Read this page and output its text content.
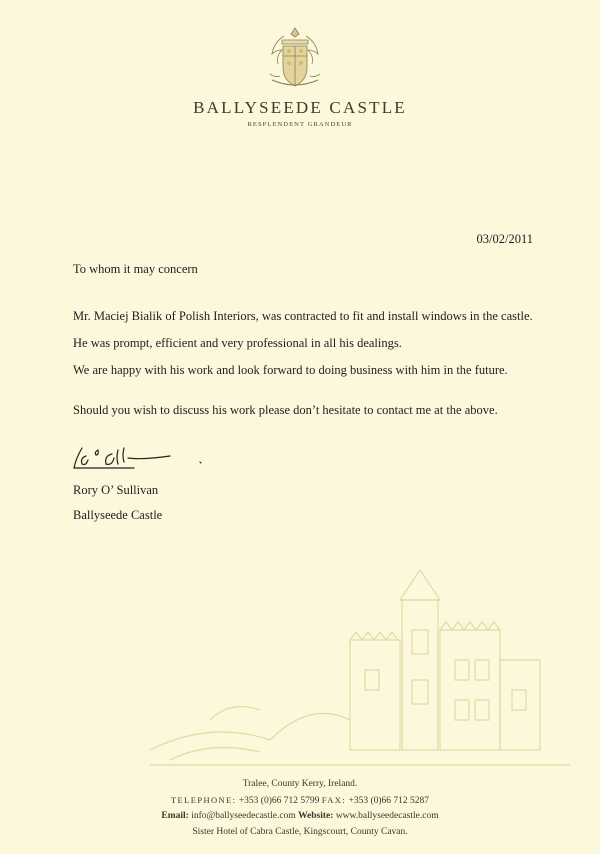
BALLYSEEDE CASTLE
RESPLENDENT GRANDEUR
03/02/2011
To whom it may concern
Mr. Maciej Bialik of Polish Interiors, was contracted to fit and install windows in the castle.
He was prompt, efficient and very professional in all his dealings.
We are happy with his work and look forward to doing business with him in the future.
Should you wish to discuss his work please don’t hesitate to contact me at the above.
Rory O’ Sullivan
Ballyseede Castle
Tralee, County Kerry, Ireland.
TELEPHONE: +353 (0)66 712 5799 FAX: +353 (0)66 712 5287
Email: info@ballyseedecastle.com Website: www.ballyseedecastle.com
Sister Hotel of Cabra Castle, Kingscourt, County Cavan.
